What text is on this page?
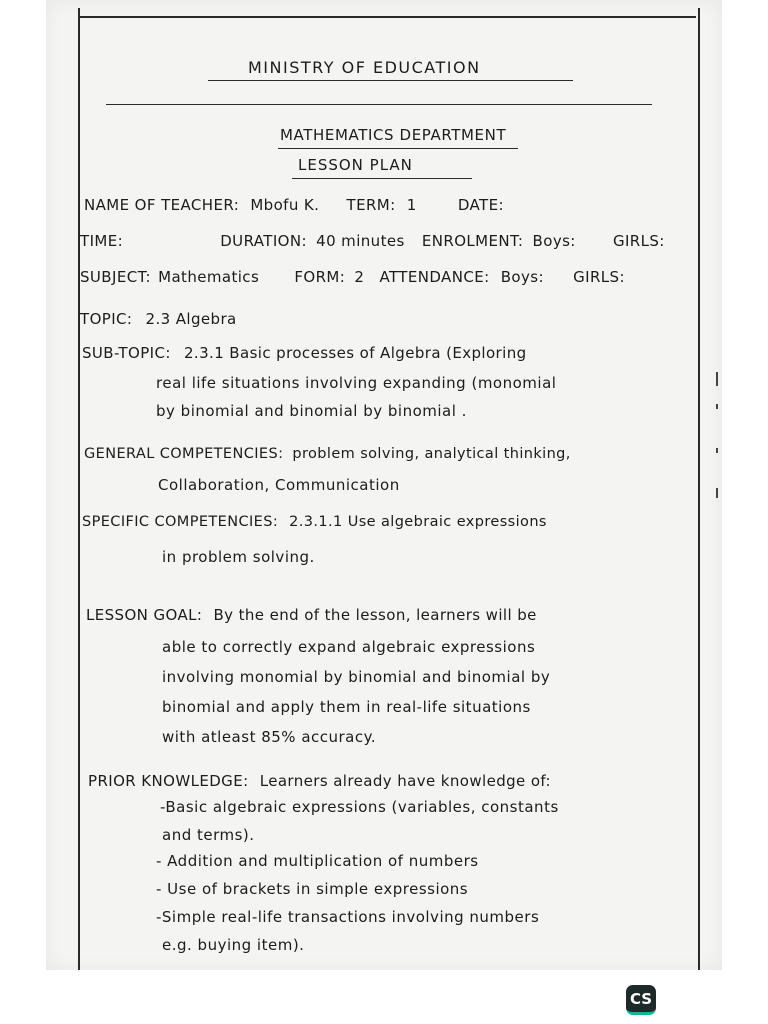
MINISTRY OF EDUCATION
MATHEMATICS DEPARTMENT
LESSON PLAN
NAME OF TEACHER: Mbofu K. TERM: 1	DATE:
TIME:	DURATION: 40 minutes ENROLMENT: Boys: GIRLS:
SUBJECT: Mathematics FORM: 2 ATTENDANCE: Boys: GIRLS:
TOPIC: 2.3 Algebra
SUB-TOPIC: 2.3.1 Basic processes of Algebra (Exploring
real life situations involving expanding (monomial
by binomial and binomial by binomial .
GENERAL COMPETENCIES: problem solving, analytical thinking,
Collaboration, Communication
SPECIFIC COMPETENCIES: 2.3.1.1 Use algebraic expressions
in problem solving.
LESSON GOAL: By the end of the lesson, learners will be
able to correctly expand algebraic expressions
involving monomial by binomial and binomial by
binomial and apply them in real-life situations
with atleast 85% accuracy.
PRIOR KNOWLEDGE: Learners already have knowledge of:
-Basic algebraic expressions (variables, constants
and terms).
- Addition and multiplication of numbers
- Use of brackets in simple expressions
-Simple real-life transactions involving numbers
e.g. buying item).
CS
